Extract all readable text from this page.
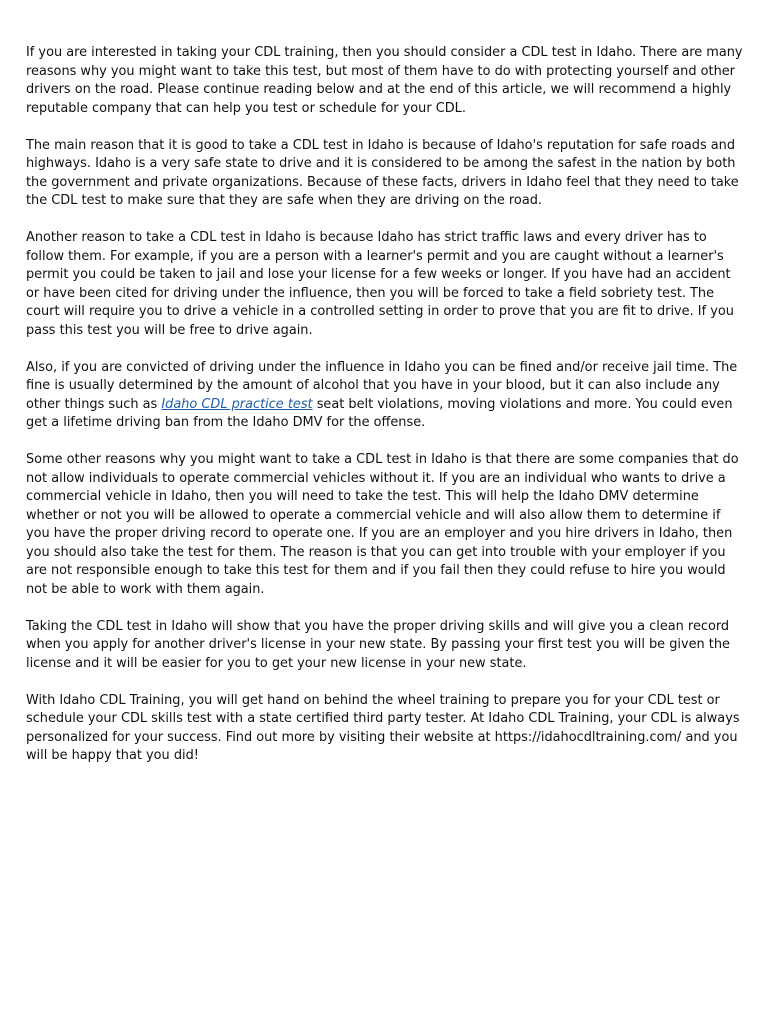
If you are interested in taking your CDL training, then you should consider a CDL test in Idaho. There are many reasons why you might want to take this test, but most of them have to do with protecting yourself and other drivers on the road. Please continue reading below and at the end of this article, we will recommend a highly reputable company that can help you test or schedule for your CDL.

The main reason that it is good to take a CDL test in Idaho is because of Idaho's reputation for safe roads and highways. Idaho is a very safe state to drive and it is considered to be among the safest in the nation by both the government and private organizations. Because of these facts, drivers in Idaho feel that they need to take the CDL test to make sure that they are safe when they are driving on the road.

Another reason to take a CDL test in Idaho is because Idaho has strict traffic laws and every driver has to follow them. For example, if you are a person with a learner's permit and you are caught without a learner's permit you could be taken to jail and lose your license for a few weeks or longer. If you have had an accident or have been cited for driving under the influence, then you will be forced to take a field sobriety test. The court will require you to drive a vehicle in a controlled setting in order to prove that you are fit to drive. If you pass this test you will be free to drive again.

Also, if you are convicted of driving under the influence in Idaho you can be fined and/or receive jail time. The fine is usually determined by the amount of alcohol that you have in your blood, but it can also include any other things such as Idaho CDL practice test seat belt violations, moving violations and more. You could even get a lifetime driving ban from the Idaho DMV for the offense.

Some other reasons why you might want to take a CDL test in Idaho is that there are some companies that do not allow individuals to operate commercial vehicles without it. If you are an individual who wants to drive a commercial vehicle in Idaho, then you will need to take the test. This will help the Idaho DMV determine whether or not you will be allowed to operate a commercial vehicle and will also allow them to determine if you have the proper driving record to operate one. If you are an employer and you hire drivers in Idaho, then you should also take the test for them. The reason is that you can get into trouble with your employer if you are not responsible enough to take this test for them and if you fail then they could refuse to hire you would not be able to work with them again.

Taking the CDL test in Idaho will show that you have the proper driving skills and will give you a clean record when you apply for another driver's license in your new state. By passing your first test you will be given the license and it will be easier for you to get your new license in your new state.

With Idaho CDL Training, you will get hand on behind the wheel training to prepare you for your CDL test or schedule your CDL skills test with a state certified third party tester. At Idaho CDL Training, your CDL is always personalized for your success. Find out more by visiting their website at https://idahocdltraining.com/ and you will be happy that you did!
